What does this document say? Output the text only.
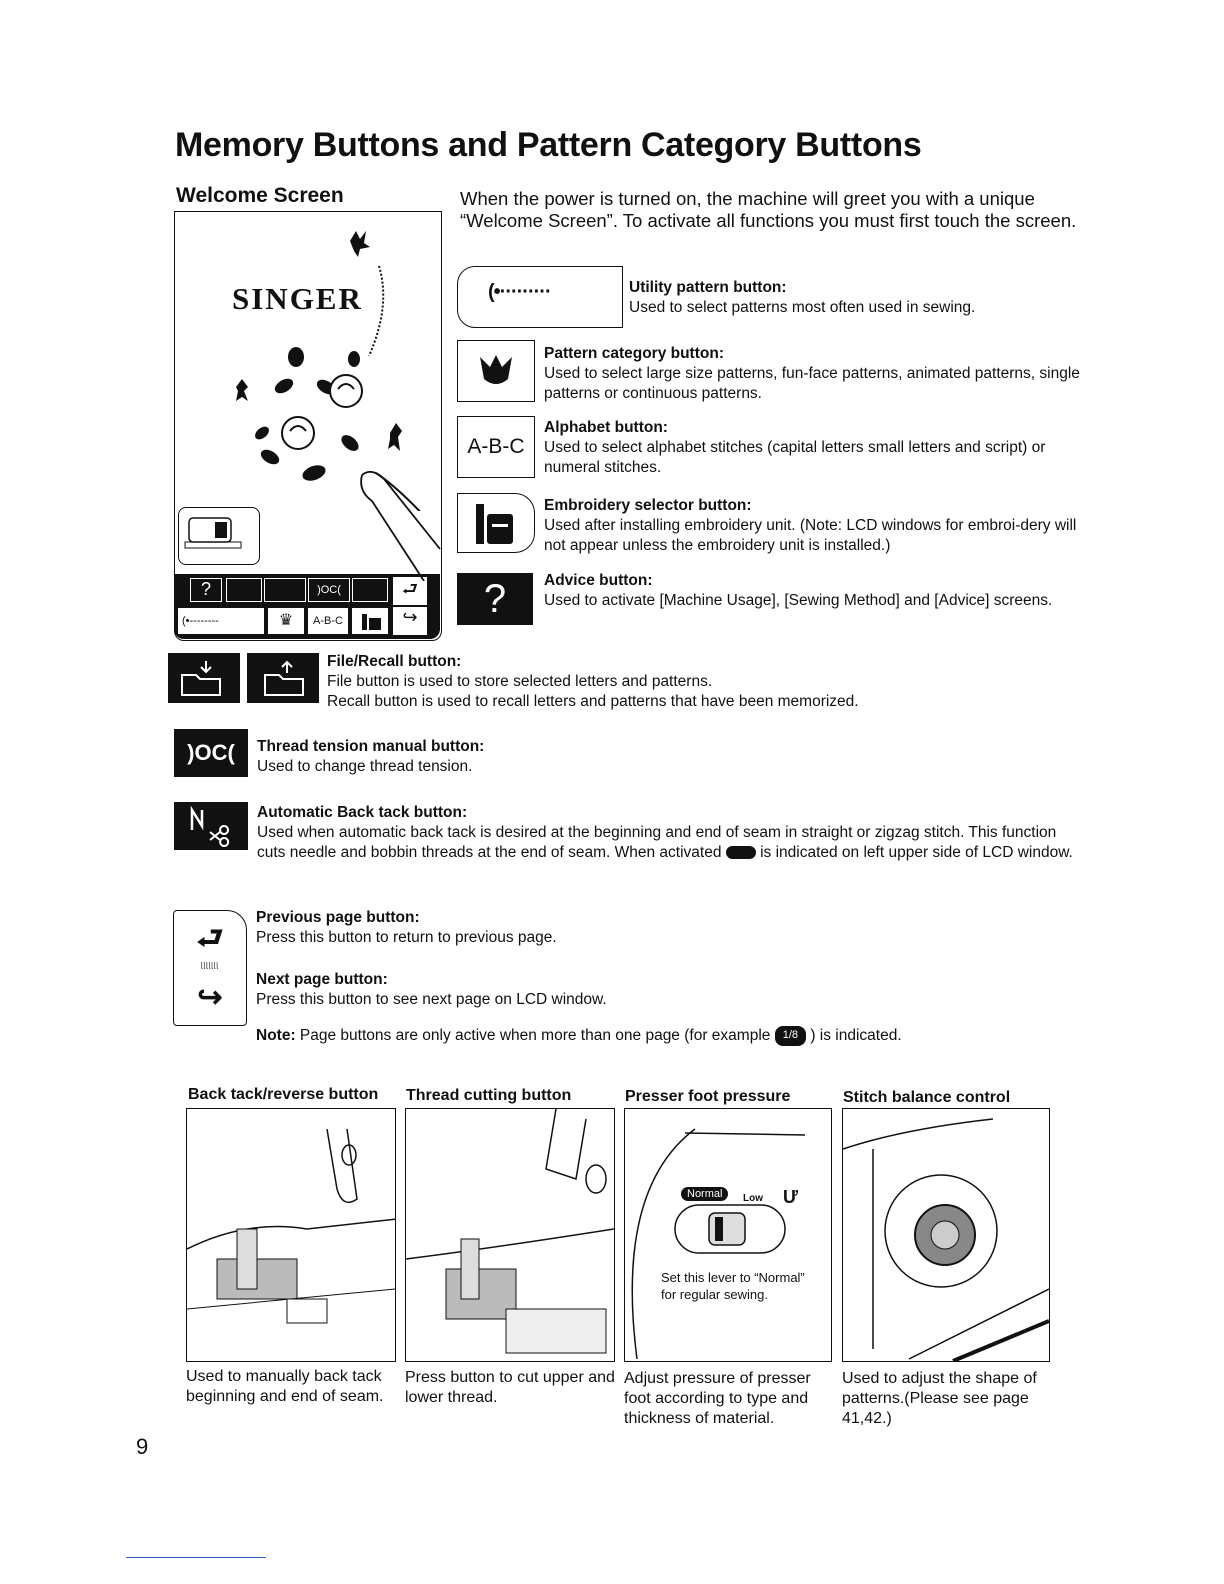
Memory Buttons and Pattern Category Buttons
Welcome Screen	When the power is turned on, the machine will greet you with a unique “Welcome Screen”. To activate all functions you must first touch the screen.
SINGER
?	)OC(	⮐
(•--------	♛	A-B-C	↪
(•·········	Utility pattern button:
Used to select patterns most often used in sewing.
Pattern category button:
Used to select large size patterns, fun-face patterns, animated patterns, single patterns or continuous patterns.
A-B-C
Alphabet button:
Used to select alphabet stitches (capital letters small letters and script) or numeral stitches.
Embroidery selector button:
Used after installing embroidery unit. (Note: LCD windows for embroi-dery will not appear unless the embroidery unit is installed.)
?	Advice button:
Used to activate [Machine Usage], [Sewing Method] and [Advice] screens.
File/Recall button:
File button is used to store selected letters and patterns.
Recall button is used to recall letters and patterns that have been memorized.
)OC(	Thread tension manual button:
Used to change thread tension.
Automatic Back tack button:
Used when automatic back tack is desired at the beginning and end of seam in straight or zigzag stitch. This function cuts needle and bobbin threads at the end of seam. When activated is indicated on left upper side of LCD window.
⮐
ᶩᶩᶩᶩᶩᶩᶩ
↪
Previous page button:
Press this button to return to previous page.
Next page button:
Press this button to see next page on LCD window.
Note: Page buttons are only active when more than one page (for example 1/8 ) is indicated.
Back tack/reverse button Thread cutting button	Presser foot pressure	Stitch balance control
Normal	Low Ư
Set this lever to “Normal” for regular sewing.
Used to manually back tack beginning and end of seam.
Press button to cut upper and lower thread.
Adjust pressure of presser foot according to type and thickness of material.
Used to adjust the shape of patterns.(Please see page 41,42.)
9
